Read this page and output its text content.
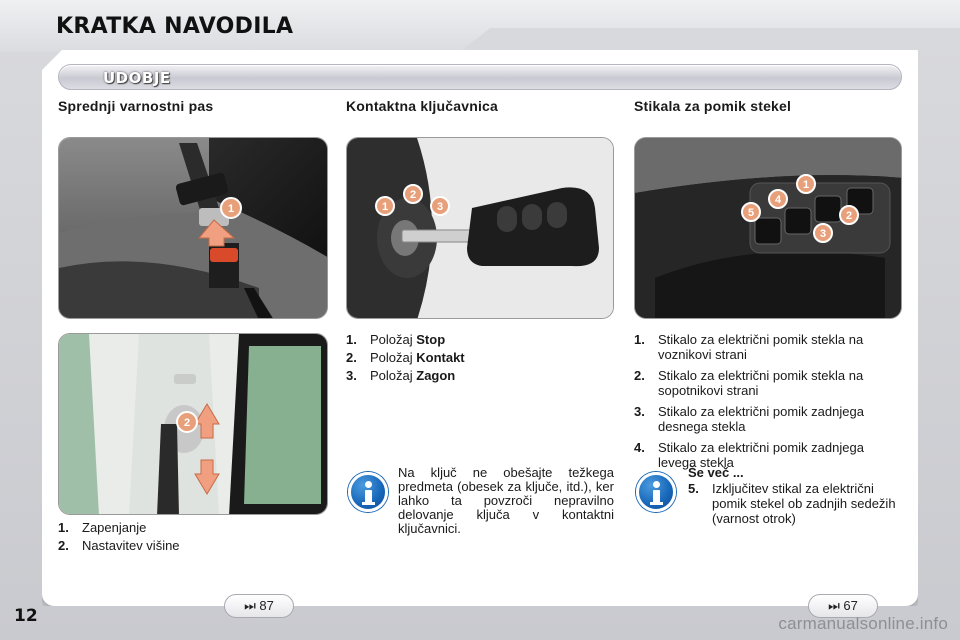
KRATKA NAVODILA
UDOBJE
Sprednji varnostni pas	Kontaktna ključavnica	Stikala za pomik stekel
1
2
1.	Zapenjanje
2.	Nastavitev višine
1
2
3
1.	Položaj Stop
2.	Položaj Kontakt
3.	Položaj Zagon
Na ključ ne obešajte težkega predmeta (obesek za ključe, itd.), ker lahko ta povzroči nepravilno delovanje ključa v kontaktni ključavnici.
1
2
3
4
5
1.	Stikalo za električni pomik stekla na voznikovi strani
2.	Stikalo za električni pomik stekla na sopotnikovi strani
3.	Stikalo za električni pomik zadnjega desnega stekla
4.	Stikalo za električni pomik zadnjega levega stekla
Še več ...
5.	Izključitev stikal za električni pomik stekel ob zadnjih sedežih (varnost otrok)
⏭ 87	⏭ 67
12	carmanualsonline.info
